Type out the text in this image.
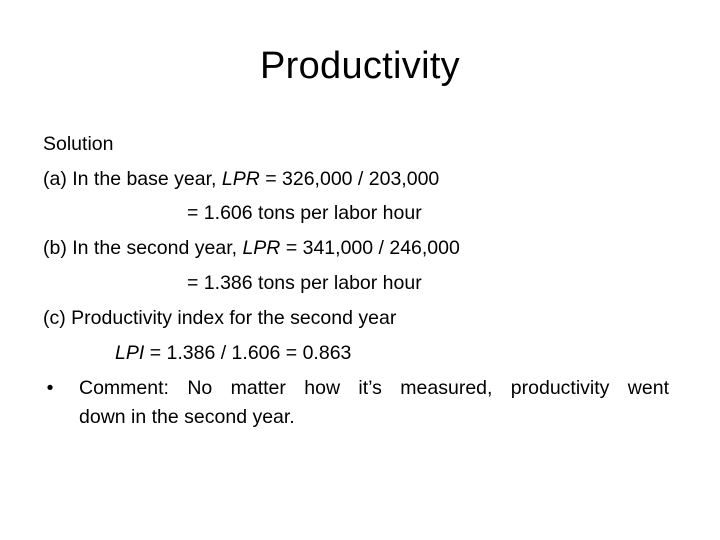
Productivity
Solution
(a) In the base year, LPR = 326,000 / 203,000
= 1.606 tons per labor hour
(b) In the second year, LPR = 341,000 / 246,000
= 1.386 tons per labor hour
(c) Productivity index for the second year
LPI = 1.386 / 1.606 = 0.863
• Comment: No matter how it’s measured, productivity went
down in the second year.
